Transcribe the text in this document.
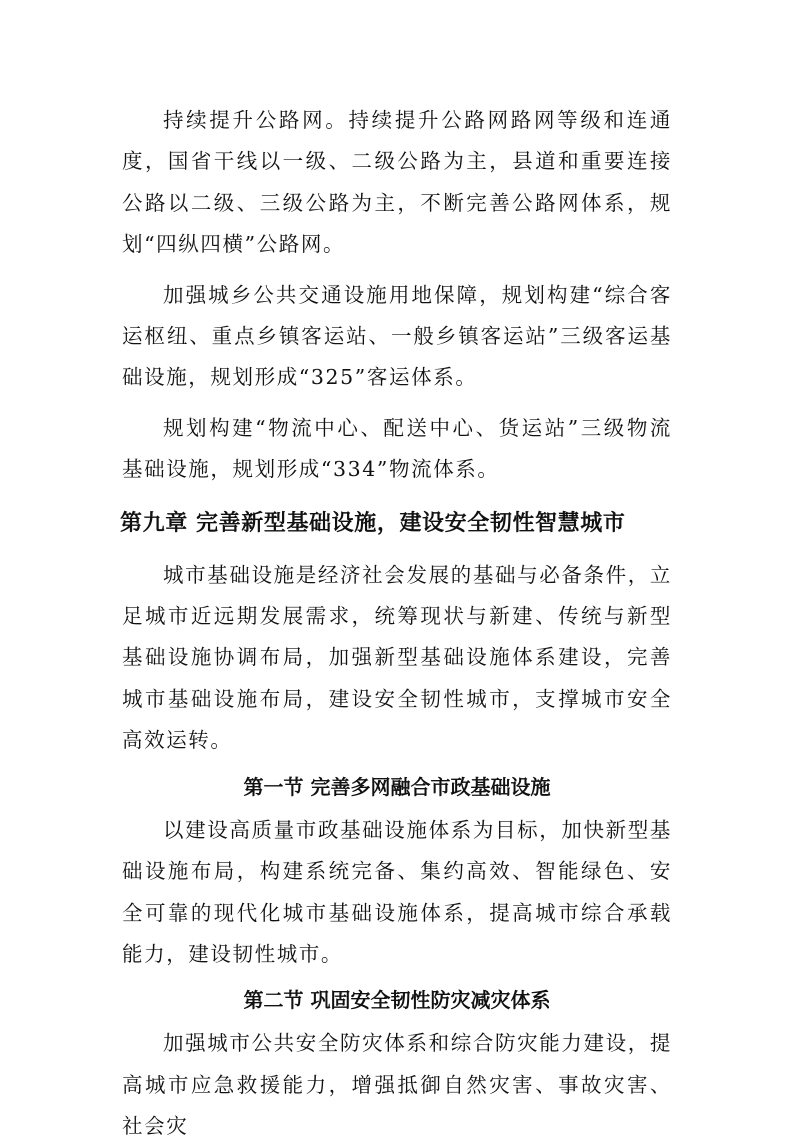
持续提升公路网。持续提升公路网路网等级和连通度，国省干线以一级、二级公路为主，县道和重要连接公路以二级、三级公路为主，不断完善公路网体系，规划“四纵四横”公路网。

加强城乡公共交通设施用地保障，规划构建“综合客运枢纽、重点乡镇客运站、一般乡镇客运站”三级客运基础设施，规划形成“325”客运体系。

规划构建“物流中心、配送中心、货运站”三级物流基础设施，规划形成“334”物流体系。

第九章 完善新型基础设施，建设安全韧性智慧城市

城市基础设施是经济社会发展的基础与必备条件，立足城市近远期发展需求，统筹现状与新建、传统与新型基础设施协调布局，加强新型基础设施体系建设，完善城市基础设施布局，建设安全韧性城市，支撑城市安全高效运转。

第一节 完善多网融合市政基础设施

以建设高质量市政基础设施体系为目标，加快新型基础设施布局，构建系统完备、集约高效、智能绿色、安全可靠的现代化城市基础设施体系，提高城市综合承载能力，建设韧性城市。

第二节 巩固安全韧性防灾减灾体系

加强城市公共安全防灾体系和综合防灾能力建设，提高城市应急救援能力，增强抵御自然灾害、事故灾害、社会灾
